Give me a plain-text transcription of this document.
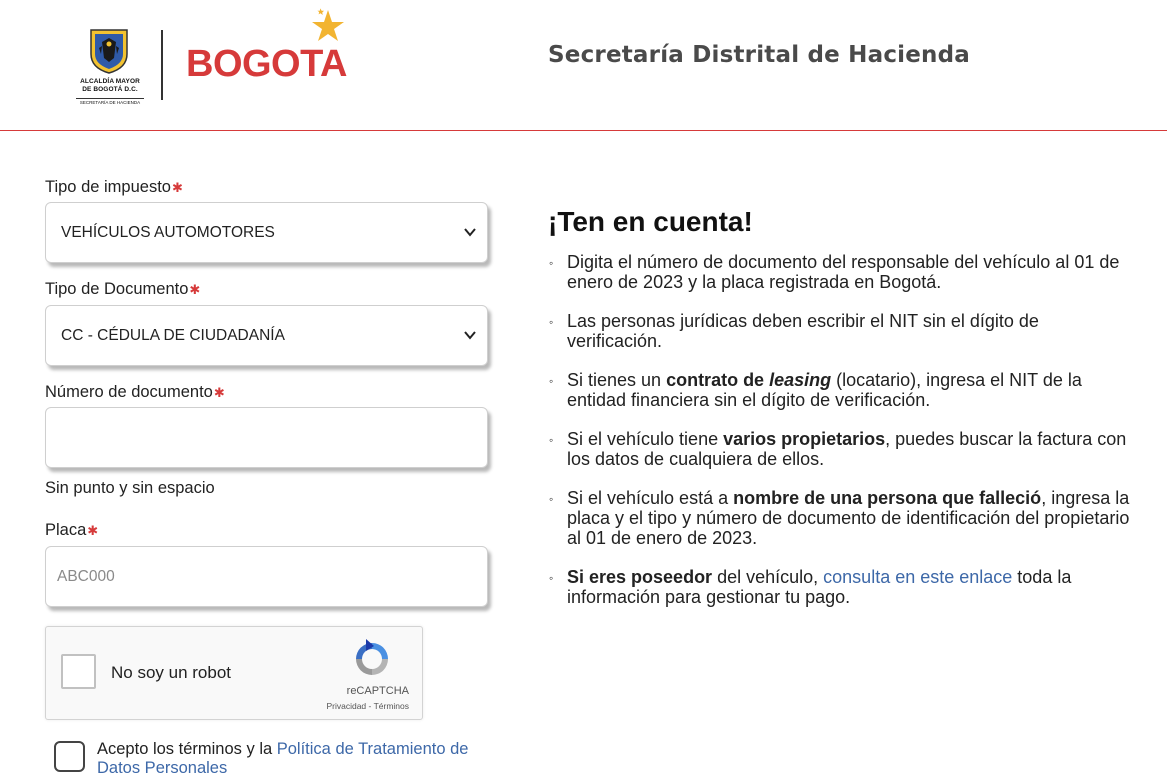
ALCALDÍA MAYOR
DE BOGOTÁ D.C.
SECRETARÍA DE HACIENDA
BOGOTA	Secretaría Distrital de Hacienda
Tipo de impuesto✱
VEHÍCULOS AUTOMOTORES
Tipo de Documento✱
CC - CÉDULA DE CIUDADANÍA
Número de documento✱
Sin punto y sin espacio
Placa✱
ABC000
No soy un robot
reCAPTCHA
Privacidad - Términos
Acepto los términos y la Política de Tratamiento de Datos Personales
¡Ten en cuenta!
◦ Digita el número de documento del responsable del vehículo al 01 de enero de 2023 y la placa registrada en Bogotá.
◦ Las personas jurídicas deben escribir el NIT sin el dígito de verificación.
◦ Si tienes un contrato de leasing (locatario), ingresa el NIT de la entidad financiera sin el dígito de verificación.
◦ Si el vehículo tiene varios propietarios, puedes buscar la factura con los datos de cualquiera de ellos.
◦ Si el vehículo está a nombre de una persona que falleció, ingresa la placa y el tipo y número de documento de identificación del propietario al 01 de enero de 2023.
◦ Si eres poseedor del vehículo, consulta en este enlace toda la información para gestionar tu pago.
